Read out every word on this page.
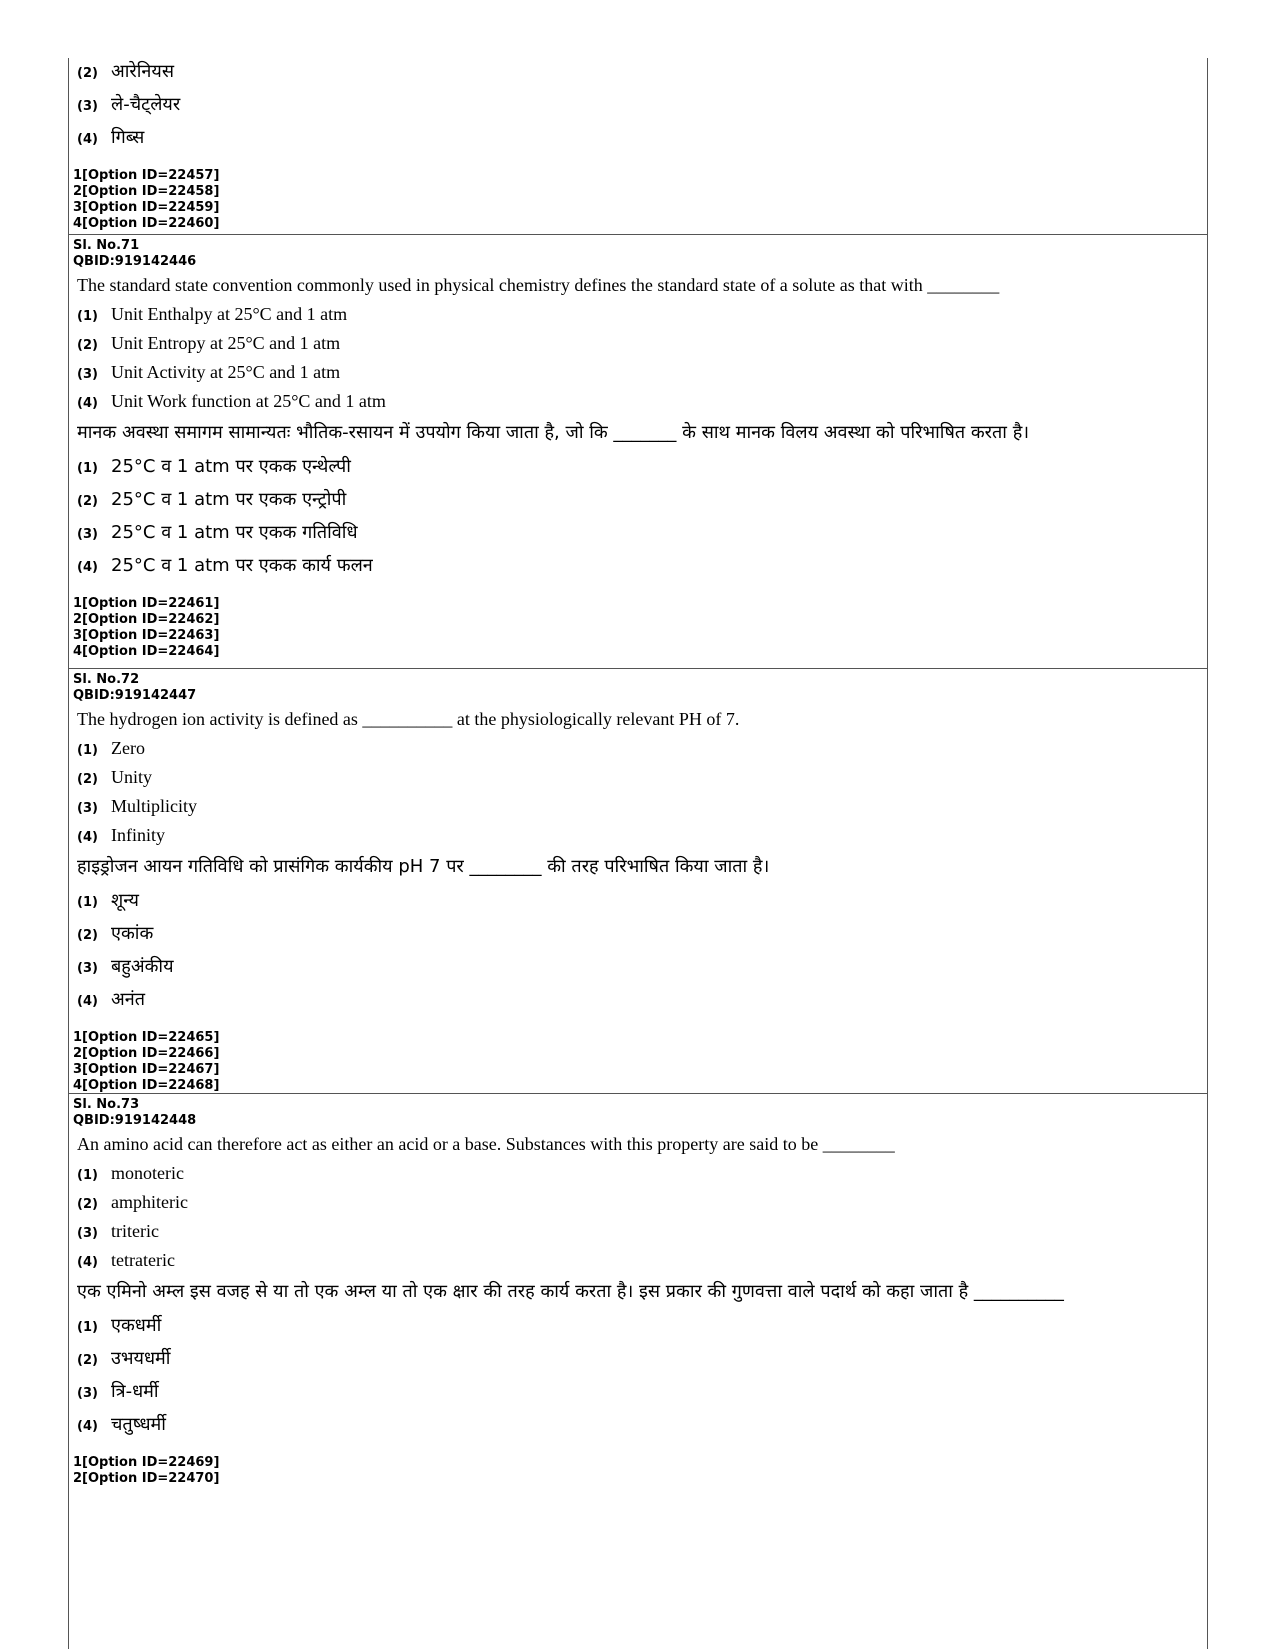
(2) आरेनियस
(3) ले-चैट्लेयर
(4) गिब्स
1[Option ID=22457]
2[Option ID=22458]
3[Option ID=22459]
4[Option ID=22460]
Sl. No.71
QBID:919142446
The standard state convention commonly used in physical chemistry defines the standard state of a solute as that with ________
(1) Unit Enthalpy at 25°C and 1 atm
(2) Unit Entropy at 25°C and 1 atm
(3) Unit Activity at 25°C and 1 atm
(4) Unit Work function at 25°C and 1 atm
मानक अवस्था समागम सामान्यतः भौतिक-रसायन में उपयोग किया जाता है, जो कि _______ के साथ मानक विलय अवस्था को परिभाषित करता है।
(1) 25°C व 1 atm पर एकक एन्थेल्पी
(2) 25°C व 1 atm पर एकक एन्ट्रोपी
(3) 25°C व 1 atm पर एकक गतिविधि
(4) 25°C व 1 atm पर एकक कार्य फलन
1[Option ID=22461]
2[Option ID=22462]
3[Option ID=22463]
4[Option ID=22464]
Sl. No.72
QBID:919142447
The hydrogen ion activity is defined as __________ at the physiologically relevant PH of 7.
(1) Zero
(2) Unity
(3) Multiplicity
(4) Infinity
हाइड्रोजन आयन गतिविधि को प्रासंगिक कार्यकीय pH 7 पर ________ की तरह परिभाषित किया जाता है।
(1) शून्य
(2) एकांक
(3) बहुअंकीय
(4) अनंत
1[Option ID=22465]
2[Option ID=22466]
3[Option ID=22467]
4[Option ID=22468]
Sl. No.73
QBID:919142448
An amino acid can therefore act as either an acid or a base. Substances with this property are said to be ________
(1) monoteric
(2) amphiteric
(3) triteric
(4) tetrateric
एक एमिनो अम्ल इस वजह से या तो एक अम्ल या तो एक क्षार की तरह कार्य करता है। इस प्रकार की गुणवत्ता वाले पदार्थ को कहा जाता है __________
(1) एकधर्मी
(2) उभयधर्मी
(3) त्रि-धर्मी
(4) चतुष्धर्मी
1[Option ID=22469]
2[Option ID=22470]
